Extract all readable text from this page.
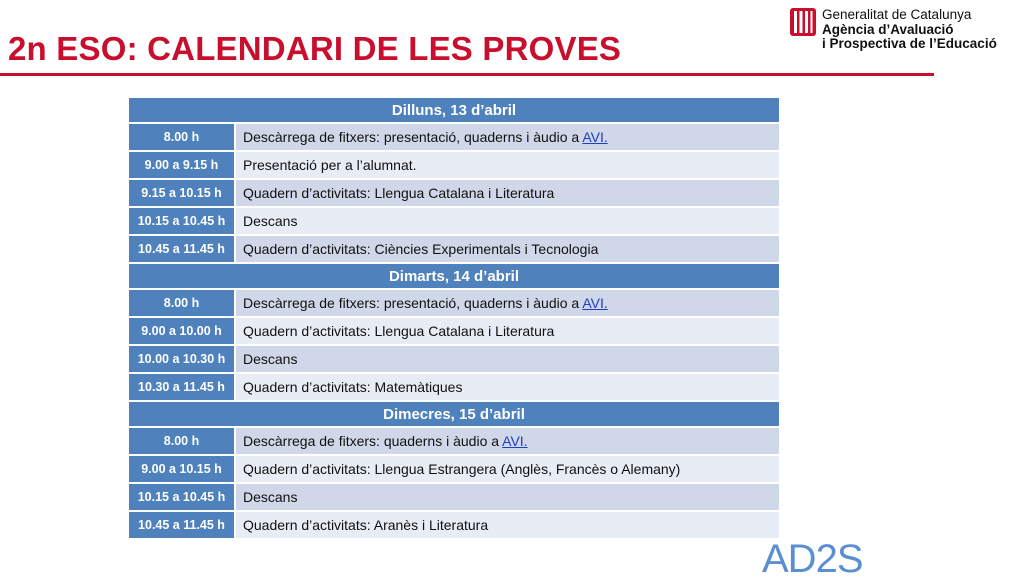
2n ESO: CALENDARI DE LES PROVES
Generalitat de Catalunya
Agència d’Avaluació
i Prospectiva de l’Educació
Dilluns, 13 d’abril	
8.00 h	Descàrrega de fitxers: presentació, quaderns i àudio a AVI.
9.00 a 9.15 h	Presentació per a l’alumnat.
9.15 a 10.15 h	Quadern d’activitats: Llengua Catalana i Literatura
10.15 a 10.45 h	Descans
10.45 a 11.45 h	Quadern d’activitats: Ciències Experimentals i Tecnologia
Dimarts, 14 d’abril	
8.00 h	Descàrrega de fitxers: presentació, quaderns i àudio a AVI.
9.00 a 10.00 h	Quadern d’activitats: Llengua Catalana i Literatura
10.00 a 10.30 h	Descans
10.30 a 11.45 h	Quadern d’activitats: Matemàtiques
Dimecres, 15 d’abril	
8.00 h	Descàrrega de fitxers: quaderns i àudio a AVI.
9.00 a 10.15 h	Quadern d’activitats: Llengua Estrangera (Anglès, Francès o Alemany)
10.15 a 10.45 h	Descans
10.45 a 11.45 h	Quadern d’activitats: Aranès i Literatura
AD2S
